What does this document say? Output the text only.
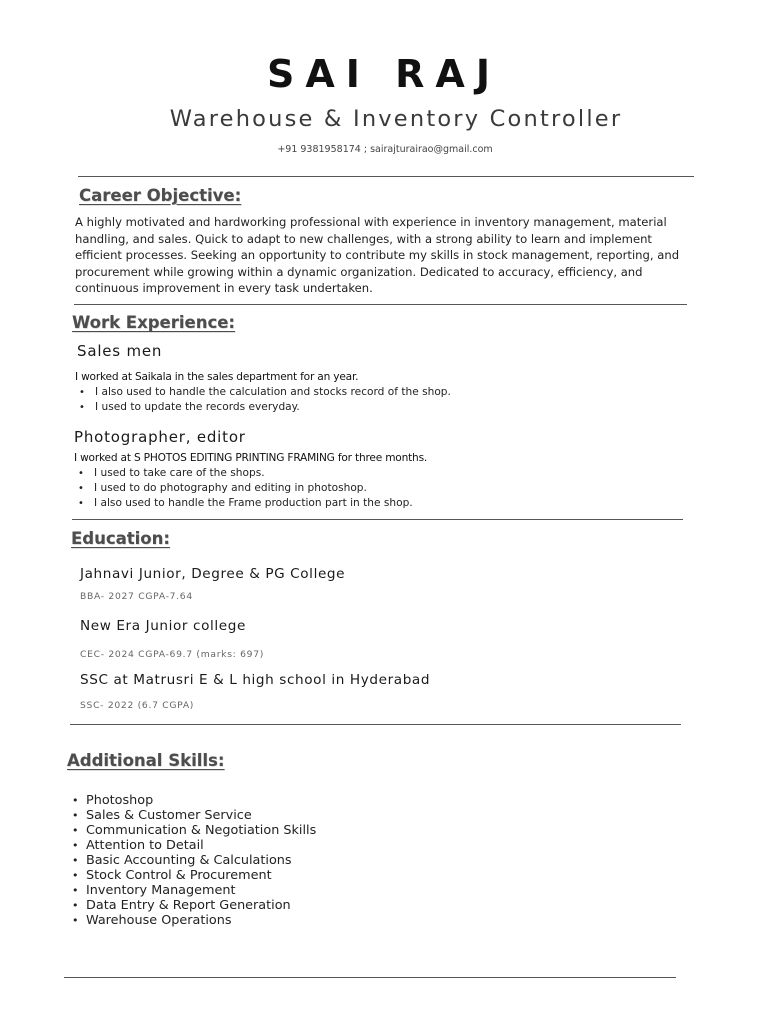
SAI RAJ
Warehouse & Inventory Controller
+91 9381958174 ; sairajturairao@gmail.com
Career Objective:
A highly motivated and hardworking professional with experience in inventory management, material handling, and sales. Quick to adapt to new challenges, with a strong ability to learn and implement efficient processes. Seeking an opportunity to contribute my skills in stock management, reporting, and procurement while growing within a dynamic organization. Dedicated to accuracy, efficiency, and continuous improvement in every task undertaken.
Work Experience:
Sales men
I worked at Saikala in the sales department for an year.
• I also used to handle the calculation and stocks record of the shop.
• I used to update the records everyday.
Photographer, editor
I worked at S PHOTOS EDITING PRINTING FRAMING for three months.
• I used to take care of the shops.
• I used to do photography and editing in photoshop.
• I also used to handle the Frame production part in the shop.
Education:
Jahnavi Junior, Degree & PG College
BBA- 2027 CGPA-7.64
New Era Junior college
CEC- 2024 CGPA-69.7 (marks: 697)
SSC at Matrusri E & L high school in Hyderabad
SSC- 2022 (6.7 CGPA)
Additional Skills:
• Photoshop
• Sales & Customer Service
• Communication & Negotiation Skills
• Attention to Detail
• Basic Accounting & Calculations
• Stock Control & Procurement
• Inventory Management
• Data Entry & Report Generation
• Warehouse Operations
